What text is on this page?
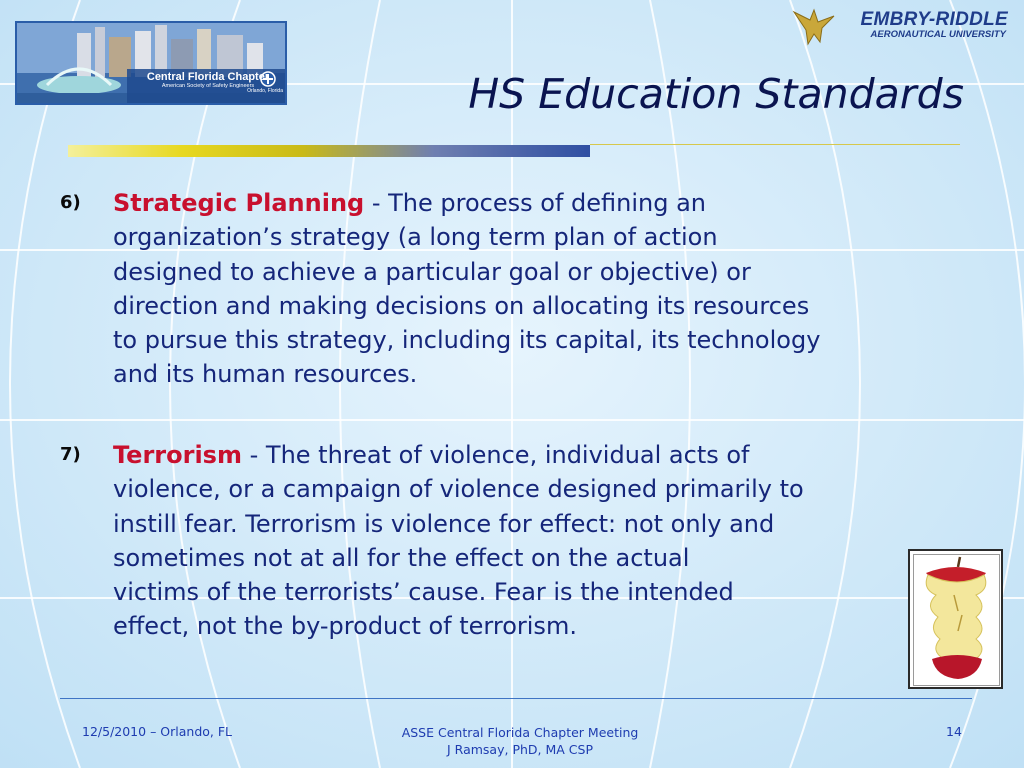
Central Florida Chapter
American Society of Safety Engineers
Orlando, Florida
EMBRY-RIDDLE
AERONAUTICAL UNIVERSITY
HS Education Standards
6) Strategic Planning - The process of defining an
organization’s strategy (a long term plan of action
designed to achieve a particular goal or objective) or
direction and making decisions on allocating its resources
to pursue this strategy, including its capital, its technology
and its human resources.

7) Terrorism - The threat of violence, individual acts of
violence, or a campaign of violence designed primarily to
instill fear. Terrorism is violence for effect: not only and
sometimes not at all for the effect on the actual
victims of the terrorists’ cause. Fear is the intended
effect, not the by-product of terrorism.

12/5/2010 – Orlando, FL	ASSE Central Florida Chapter Meeting
J Ramsay, PhD, MA CSP
14
